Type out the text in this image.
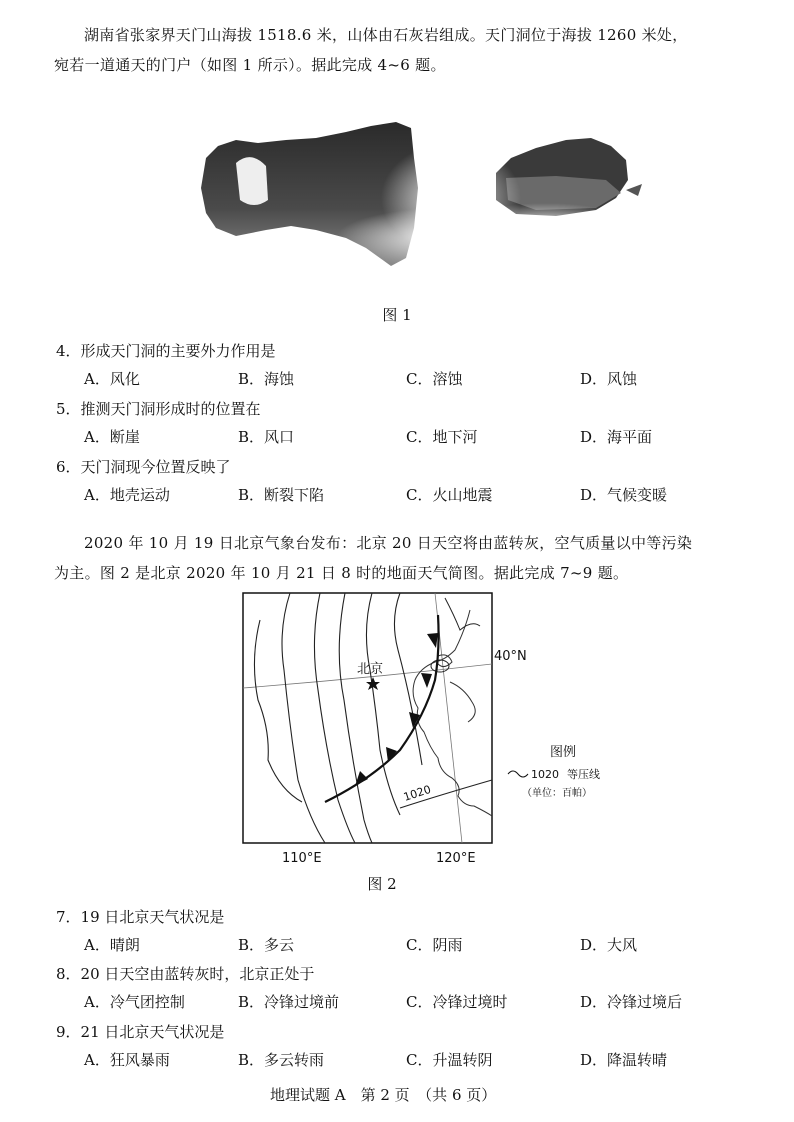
湖南省张家界天门山海拔 1518.6 米，山体由石灰岩组成。天门洞位于海拔 1260 米处，
宛若一道通天的门户（如图 1 所示）。据此完成 4~6 题。
图 1
4．形成天门洞的主要外力作用是
A．风化	B．海蚀	C．溶蚀	D．风蚀
5．推测天门洞形成时的位置在
A．断崖	B．风口	C．地下河	D．海平面
6．天门洞现今位置反映了
A．地壳运动	B．断裂下陷	C．火山地震	D．气候变暖
2020 年 10 月 19 日北京气象台发布：北京 20 日天空将由蓝转灰，空气质量以中等污染
为主。图 2 是北京 2020 年 10 月 21 日 8 时的地面天气简图。据此完成 7~9 题。
北京
40°N
1020
110°E	120°E
图例
1020 等压线
（单位：百帕）
图 2
7．19 日北京天气状况是
A．晴朗	B．多云	C．阴雨	D．大风
8．20 日天空由蓝转灰时，北京正处于
A．冷气团控制	B．冷锋过境前	C．冷锋过境时	D．冷锋过境后
9．21 日北京天气状况是
A．狂风暴雨	B．多云转雨	C．升温转阴	D．降温转晴
地理试题 A　第 2 页　（共 6 页）
